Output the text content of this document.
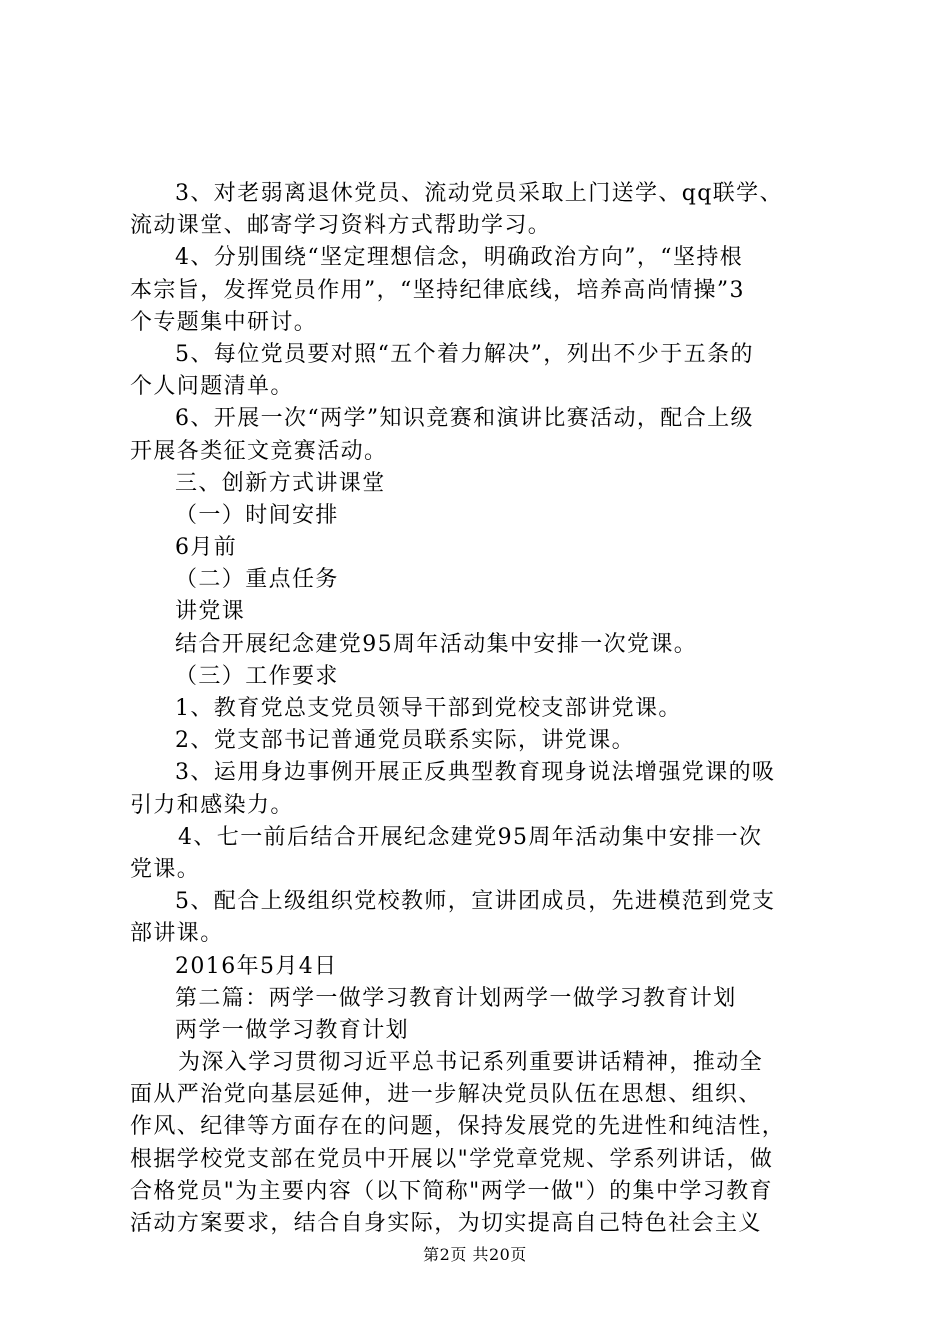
3、对老弱离退休党员、流动党员采取上门送学、qq联学、
流动课堂、邮寄学习资料方式帮助学习。
4、分别围绕“坚定理想信念，明确政治方向”，“坚持根
本宗旨，发挥党员作用”，“坚持纪律底线，培养高尚情操”3
个专题集中研讨。
5、每位党员要对照“五个着力解决”，列出不少于五条的
个人问题清单。
6、开展一次“两学”知识竞赛和演讲比赛活动，配合上级
开展各类征文竞赛活动。
三、创新方式讲课堂
（一）时间安排
6月前
（二）重点任务
讲党课
结合开展纪念建党95周年活动集中安排一次党课。
（三）工作要求
1、教育党总支党员领导干部到党校支部讲党课。
2、党支部书记普通党员联系实际，讲党课。
3、运用身边事例开展正反典型教育现身说法增强党课的吸
引力和感染力。
4、七一前后结合开展纪念建党95周年活动集中安排一次
党课。
5、配合上级组织党校教师，宣讲团成员，先进模范到党支
部讲课。
2016年5月4日
第二篇：两学一做学习教育计划两学一做学习教育计划
两学一做学习教育计划
为深入学习贯彻习近平总书记系列重要讲话精神，推动全
面从严治党向基层延伸，进一步解决党员队伍在思想、组织、
作风、纪律等方面存在的问题，保持发展党的先进性和纯洁性，
根据学校党支部在党员中开展以"学党章党规、学系列讲话，做
合格党员"为主要内容（以下简称"两学一做"）的集中学习教育
活动方案要求，结合自身实际，为切实提高自己特色社会主义
第2页 共20页
